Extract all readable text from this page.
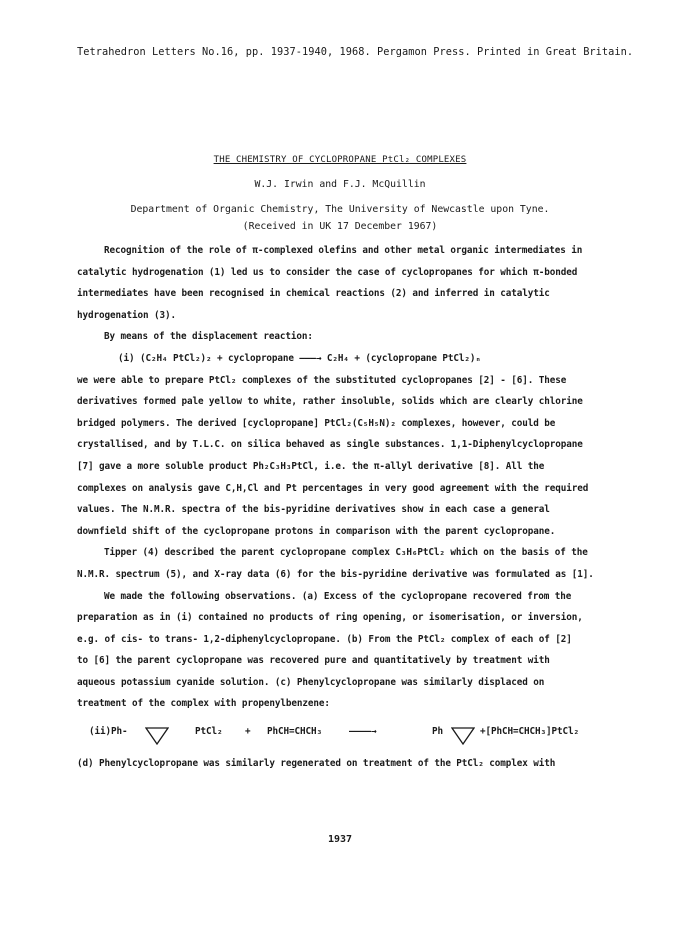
Tetrahedron Letters No.16, pp. 1937-1940, 1968. Pergamon Press. Printed in Great Britain.
THE CHEMISTRY OF CYCLOPROPANE PtCl₂ COMPLEXES
W.J. Irwin and F.J. McQuillin
Department of Organic Chemistry, The University of Newcastle upon Tyne.
(Received in UK 17 December 1967)

Recognition of the role of π-complexed olefins and other metal organic intermediates in

catalytic hydrogenation (1) led us to consider the case of cyclopropanes for which π-bonded

intermediates have been recognised in chemical reactions (2) and inferred in catalytic

hydrogenation (3).

By means of the displacement reaction:

(i) (C₂H₄ PtCl₂)₂ + cyclopropane ———→ C₂H₄ + (cyclopropane PtCl₂)ₙ

we were able to prepare PtCl₂ complexes of the substituted cyclopropanes [2] - [6]. These

derivatives formed pale yellow to white, rather insoluble, solids which are clearly chlorine

bridged polymers. The derived [cyclopropane] PtCl₂(C₅H₅N)₂ complexes, however, could be

crystallised, and by T.L.C. on silica behaved as single substances. 1,1-Diphenylcyclopropane

[7] gave a more soluble product Ph₂C₃H₃PtCl, i.e. the π-allyl derivative [8]. All the

complexes on analysis gave C,H,Cl and Pt percentages in very good agreement with the required

values. The N.M.R. spectra of the bis-pyridine derivatives show in each case a general

downfield shift of the cyclopropane protons in comparison with the parent cyclopropane.

Tipper (4) described the parent cyclopropane complex C₃H₆PtCl₂ which on the basis of the

N.M.R. spectrum (5), and X-ray data (6) for the bis-pyridine derivative was formulated as [1].

We made the following observations. (a) Excess of the cyclopropane recovered from the

preparation as in (i) contained no products of ring opening, or isomerisation, or inversion,

e.g. of cis- to trans- 1,2-diphenylcyclopropane. (b) From the PtCl₂ complex of each of [2]

to [6] the parent cyclopropane was recovered pure and quantitatively by treatment with

aqueous potassium cyanide solution. (c) Phenylcyclopropane was similarly displaced on

treatment of the complex with propenylbenzene:

(ii)Ph-	PtCl₂ + PhCH=CHCH₃	————→	Ph	+[PhCH=CHCH₃]PtCl₂

(d) Phenylcyclopropane was similarly regenerated on treatment of the PtCl₂ complex with

1937
